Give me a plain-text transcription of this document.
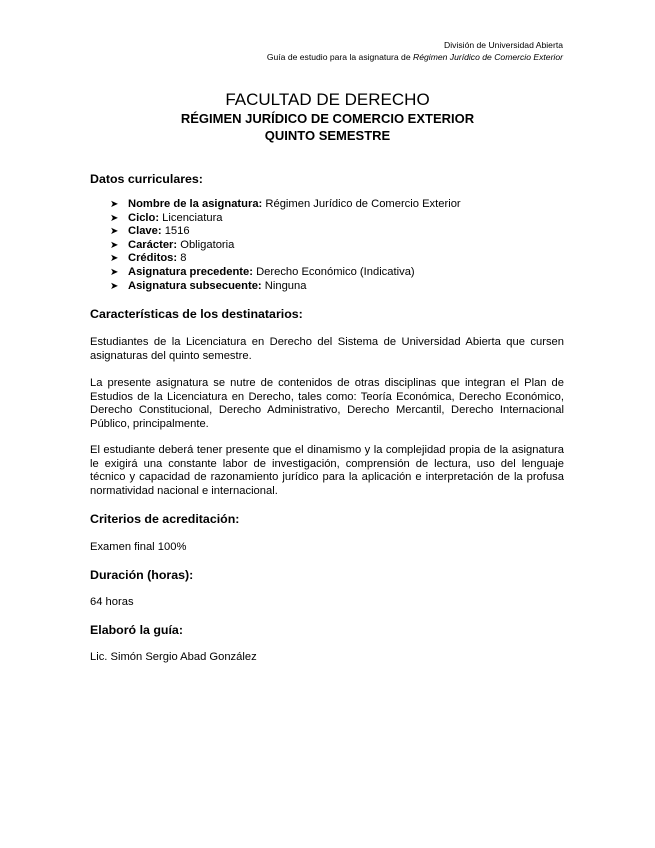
División de Universidad Abierta
Guía de estudio para la asignatura de Régimen Jurídico de Comercio Exterior
FACULTAD DE DERECHO
RÉGIMEN JURÍDICO DE COMERCIO EXTERIOR
QUINTO SEMESTRE
Datos curriculares:
➤ Nombre de la asignatura: Régimen Jurídico de Comercio Exterior
➤ Ciclo: Licenciatura
➤ Clave: 1516
➤ Carácter: Obligatoria
➤ Créditos: 8
➤ Asignatura precedente: Derecho Económico (Indicativa)
➤ Asignatura subsecuente: Ninguna
Características de los destinatarios:
Estudiantes de la Licenciatura en Derecho del Sistema de Universidad Abierta que cursen asignaturas del quinto semestre.
La presente asignatura se nutre de contenidos de otras disciplinas que integran el Plan de Estudios de la Licenciatura en Derecho, tales como: Teoría Económica, Derecho Económico, Derecho Constitucional, Derecho Administrativo, Derecho Mercantil, Derecho Internacional Público, principalmente.
El estudiante deberá tener presente que el dinamismo y la complejidad propia de la asignatura le exigirá una constante labor de investigación, comprensión de lectura, uso del lenguaje técnico y capacidad de razonamiento jurídico para la aplicación e interpretación de la profusa normatividad nacional e internacional.
Criterios de acreditación:
Examen final 100%
Duración (horas):
64 horas
Elaboró la guía:
Lic. Simón Sergio Abad González
